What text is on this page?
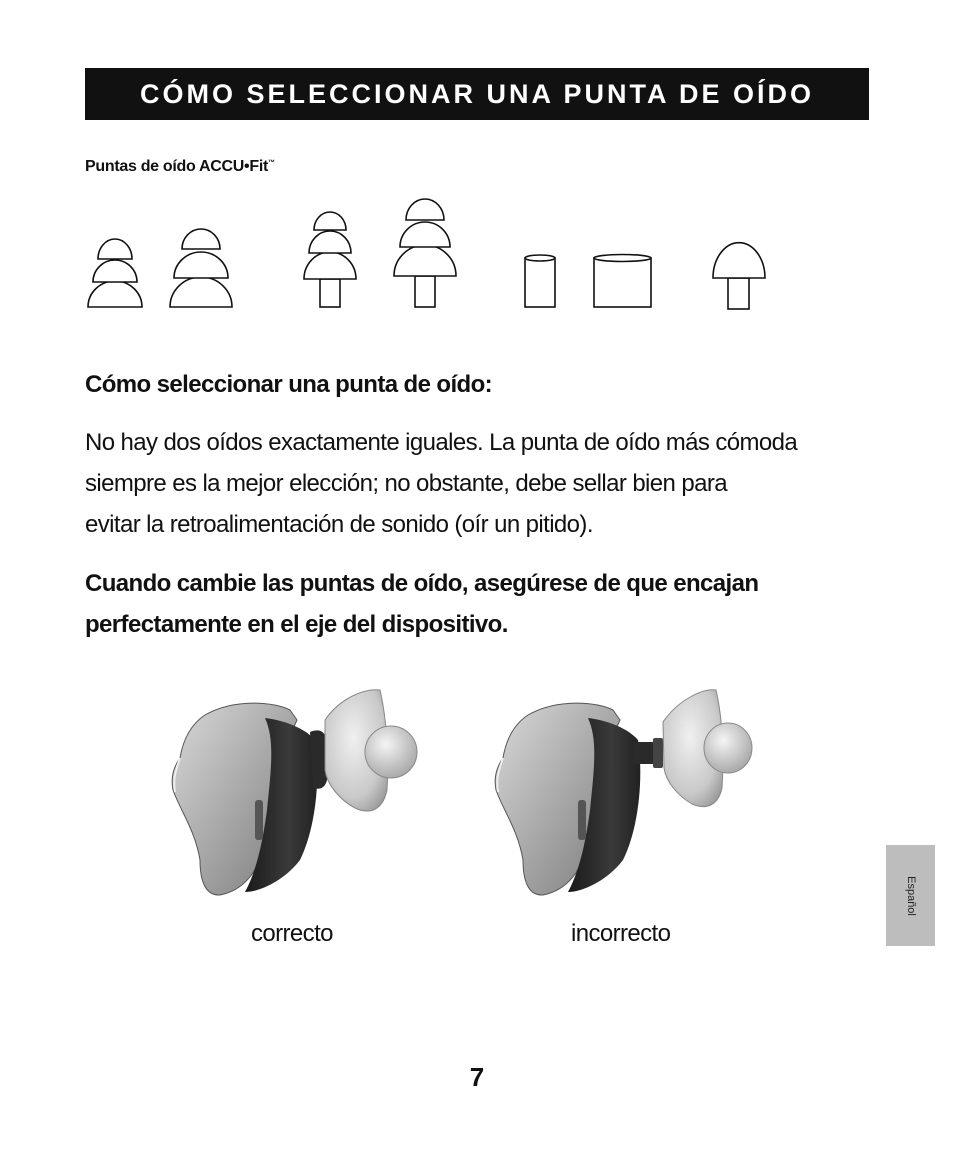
CÓMO SELECCIONAR UNA PUNTA DE OÍDO
Puntas de oído ACCU•Fit™
Cómo seleccionar una punta de oído:
No hay dos oídos exactamente iguales. La punta de oído más cómoda
siempre es la mejor elección; no obstante, debe sellar bien para
evitar la retroalimentación de sonido (oír un pitido).
Cuando cambie las puntas de oído, asegúrese de que encajan
perfectamente en el eje del dispositivo.
correcto	incorrecto
7
Español
